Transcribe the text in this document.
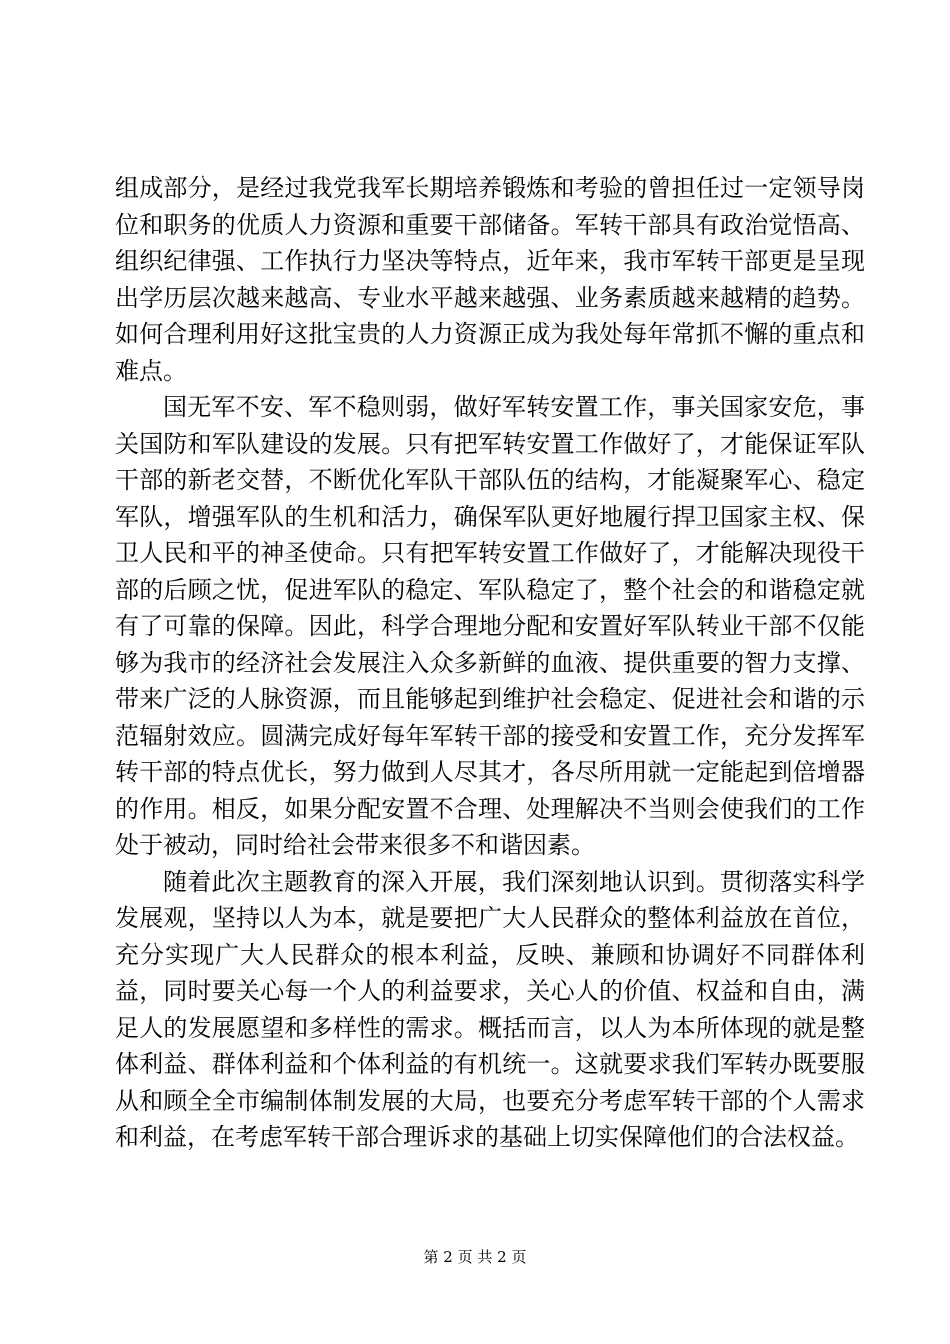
组成部分，是经过我党我军长期培养锻炼和考验的曾担任过一定领导岗位和职务的优质人力资源和重要干部储备。军转干部具有政治觉悟高、组织纪律强、工作执行力坚决等特点，近年来，我市军转干部更是呈现出学历层次越来越高、专业水平越来越强、业务素质越来越精的趋势。如何合理利用好这批宝贵的人力资源正成为我处每年常抓不懈的重点和难点。

国无军不安、军不稳则弱，做好军转安置工作，事关国家安危，事关国防和军队建设的发展。只有把军转安置工作做好了，才能保证军队干部的新老交替，不断优化军队干部队伍的结构，才能凝聚军心、稳定军队，增强军队的生机和活力，确保军队更好地履行捍卫国家主权、保卫人民和平的神圣使命。只有把军转安置工作做好了，才能解决现役干部的后顾之忧，促进军队的稳定、军队稳定了，整个社会的和谐稳定就有了可靠的保障。因此，科学合理地分配和安置好军队转业干部不仅能够为我市的经济社会发展注入众多新鲜的血液、提供重要的智力支撑、带来广泛的人脉资源，而且能够起到维护社会稳定、促进社会和谐的示范辐射效应。圆满完成好每年军转干部的接受和安置工作，充分发挥军转干部的特点优长，努力做到人尽其才，各尽所用就一定能起到倍增器的作用。相反，如果分配安置不合理、处理解决不当则会使我们的工作处于被动，同时给社会带来很多不和谐因素。

随着此次主题教育的深入开展，我们深刻地认识到。贯彻落实科学发展观，坚持以人为本，就是要把广大人民群众的整体利益放在首位，充分实现广大人民群众的根本利益，反映、兼顾和协调好不同群体利益，同时要关心每一个人的利益要求，关心人的价值、权益和自由，满足人的发展愿望和多样性的需求。概括而言，以人为本所体现的就是整体利益、群体利益和个体利益的有机统一。这就要求我们军转办既要服从和顾全全市编制体制发展的大局，也要充分考虑军转干部的个人需求和利益，在考虑军转干部合理诉求的基础上切实保障他们的合法权益。

第 2 页 共 2 页
